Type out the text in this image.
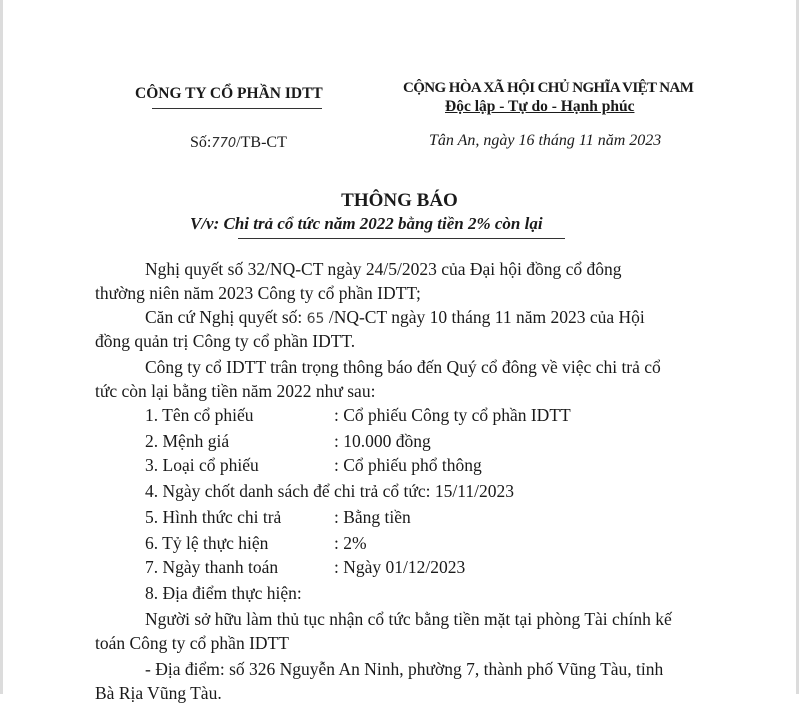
CÔNG TY CỔ PHẦN IDTT
Số:770/TB-CT
CỘNG HÒA XÃ HỘI CHỦ NGHĨA VIỆT NAM
Độc lập - Tự do - Hạnh phúc
Tân An, ngày 16 tháng 11 năm 2023
THÔNG BÁO
V/v: Chi trả cổ tức năm 2022 bằng tiền 2% còn lại
Nghị quyết số 32/NQ-CT ngày 24/5/2023 của Đại hội đồng cổ đông
thường niên năm 2023 Công ty cổ phần IDTT;
Căn cứ Nghị quyết số: 65 /NQ-CT ngày 10 tháng 11 năm 2023 của Hội
đồng quản trị Công ty cổ phần IDTT.
Công ty cổ IDTT trân trọng thông báo đến Quý cổ đông về việc chi trả cổ
tức còn lại bằng tiền năm 2022 như sau:
1. Tên cổ phiếu	: Cổ phiếu Công ty cổ phần IDTT
2. Mệnh giá	: 10.000 đồng
3. Loại cổ phiếu	: Cổ phiếu phổ thông
4. Ngày chốt danh sách để chi trả cổ tức: 15/11/2023
5. Hình thức chi trả	: Bằng tiền
6. Tỷ lệ thực hiện	: 2%
7. Ngày thanh toán	: Ngày 01/12/2023
8. Địa điểm thực hiện:
Người sở hữu làm thủ tục nhận cổ tức bằng tiền mặt tại phòng Tài chính kế
toán Công ty cổ phần IDTT
- Địa điểm: số 326 Nguyễn An Ninh, phường 7, thành phố Vũng Tàu, tỉnh
Bà Rịa Vũng Tàu.
